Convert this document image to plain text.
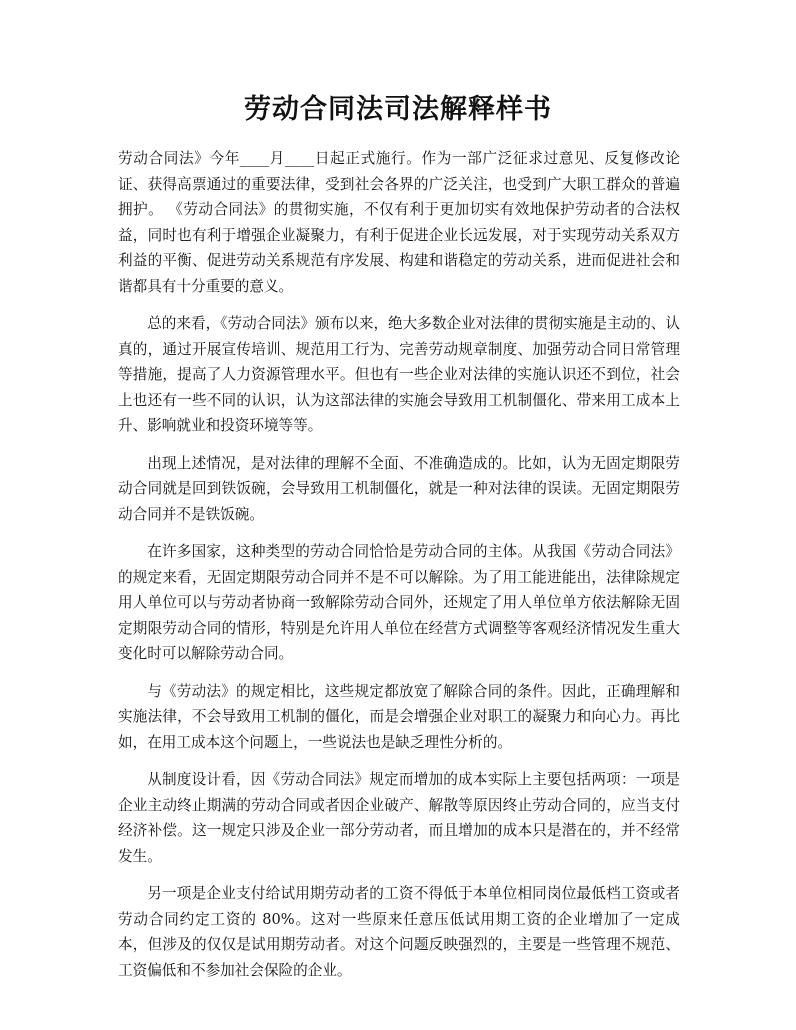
劳动合同法司法解释样书

劳动合同法》今年____月____日起正式施行。作为一部广泛征求过意见、反复修改论证、获得高票通过的重要法律，受到社会各界的广泛关注，也受到广大职工群众的普遍拥护。 《劳动合同法》的贯彻实施，不仅有利于更加切实有效地保护劳动者的合法权益，同时也有利于增强企业凝聚力，有利于促进企业长远发展，对于实现劳动关系双方利益的平衡、促进劳动关系规范有序发展、构建和谐稳定的劳动关系，进而促进社会和谐都具有十分重要的意义。

总的来看，《劳动合同法》颁布以来，绝大多数企业对法律的贯彻实施是主动的、认真的，通过开展宣传培训、规范用工行为、完善劳动规章制度、加强劳动合同日常管理等措施，提高了人力资源管理水平。但也有一些企业对法律的实施认识还不到位，社会上也还有一些不同的认识，认为这部法律的实施会导致用工机制僵化、带来用工成本上升、影响就业和投资环境等等。

出现上述情况，是对法律的理解不全面、不准确造成的。比如，认为无固定期限劳动合同就是回到铁饭碗，会导致用工机制僵化，就是一种对法律的误读。无固定期限劳动合同并不是铁饭碗。

在许多国家，这种类型的劳动合同恰恰是劳动合同的主体。从我国《劳动合同法》的规定来看，无固定期限劳动合同并不是不可以解除。为了用工能进能出，法律除规定用人单位可以与劳动者协商一致解除劳动合同外，还规定了用人单位单方依法解除无固定期限劳动合同的情形，特别是允许用人单位在经营方式调整等客观经济情况发生重大变化时可以解除劳动合同。

与《劳动法》的规定相比，这些规定都放宽了解除合同的条件。因此，正确理解和实施法律，不会导致用工机制的僵化，而是会增强企业对职工的凝聚力和向心力。再比如，在用工成本这个问题上，一些说法也是缺乏理性分析的。

从制度设计看，因《劳动合同法》规定而增加的成本实际上主要包括两项：一项是企业主动终止期满的劳动合同或者因企业破产、解散等原因终止劳动合同的，应当支付经济补偿。这一规定只涉及企业一部分劳动者，而且增加的成本只是潜在的，并不经常发生。

另一项是企业支付给试用期劳动者的工资不得低于本单位相同岗位最低档工资或者劳动合同约定工资的 80%。这对一些原来任意压低试用期工资的企业增加了一定成本，但涉及的仅仅是试用期劳动者。对这个问题反映强烈的，主要是一些管理不规范、工资偏低和不参加社会保险的企业。
